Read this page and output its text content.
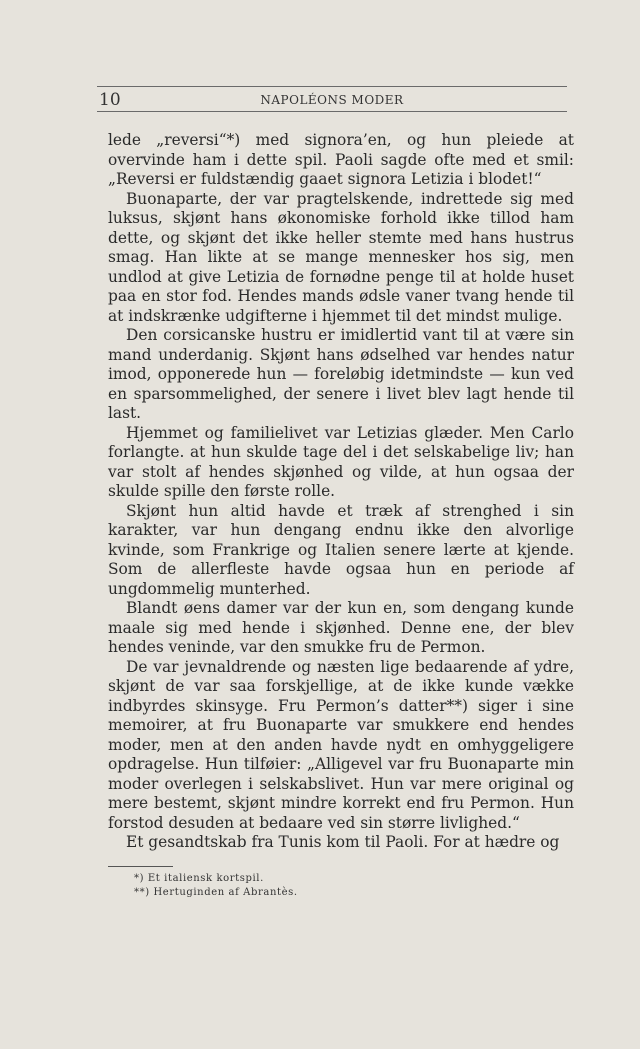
10	NAPOLÉONS MODER

lede „reversi“*) med signora’en, og hun pleiede at overvinde ham i dette spil. Paoli sagde ofte med et smil: „Reversi er fuldstændig gaaet signora Letizia i blodet!“

Buonaparte, der var pragtelskende, indrettede sig med luksus, skjønt hans økonomiske forhold ikke tillod ham dette, og skjønt det ikke heller stemte med hans hustrus smag. Han likte at se mange mennesker hos sig, men undlod at give Letizia de fornødne penge til at holde huset paa en stor fod. Hendes mands ødsle vaner tvang hende til at indskrænke udgifterne i hjemmet til det mindst mulige.

Den corsicanske hustru er imidlertid vant til at være sin mand underdanig. Skjønt hans ødselhed var hendes natur imod, opponerede hun — foreløbig idetmindste — kun ved en sparsommelighed, der senere i livet blev lagt hende til last.

Hjemmet og familielivet var Letizias glæder. Men Carlo forlangte. at hun skulde tage del i det selskabelige liv; han var stolt af hendes skjønhed og vilde, at hun ogsaa der skulde spille den første rolle.

Skjønt hun altid havde et træk af strenghed i sin karakter, var hun dengang endnu ikke den alvorlige kvinde, som Frankrige og Italien senere lærte at kjende. Som de allerfleste havde ogsaa hun en periode af ungdommelig munterhed.

Blandt øens damer var der kun en, som dengang kunde maale sig med hende i skjønhed. Denne ene, der blev hendes veninde, var den smukke fru de Permon.

De var jevnaldrende og næsten lige bedaarende af ydre, skjønt de var saa forskjellige, at de ikke kunde vække indbyrdes skinsyge. Fru Permon’s datter**) siger i sine memoirer, at fru Buonaparte var smukkere end hendes moder, men at den anden havde nydt en omhyggeligere opdragelse. Hun tilføier: „Alligevel var fru Buonaparte min moder overlegen i selskabslivet. Hun var mere original og mere bestemt, skjønt mindre korrekt end fru Permon. Hun forstod desuden at bedaare ved sin større livlighed.“

Et gesandtskab fra Tunis kom til Paoli. For at hædre og

*) Et italiensk kortspil.

**) Hertuginden af Abrantès.
